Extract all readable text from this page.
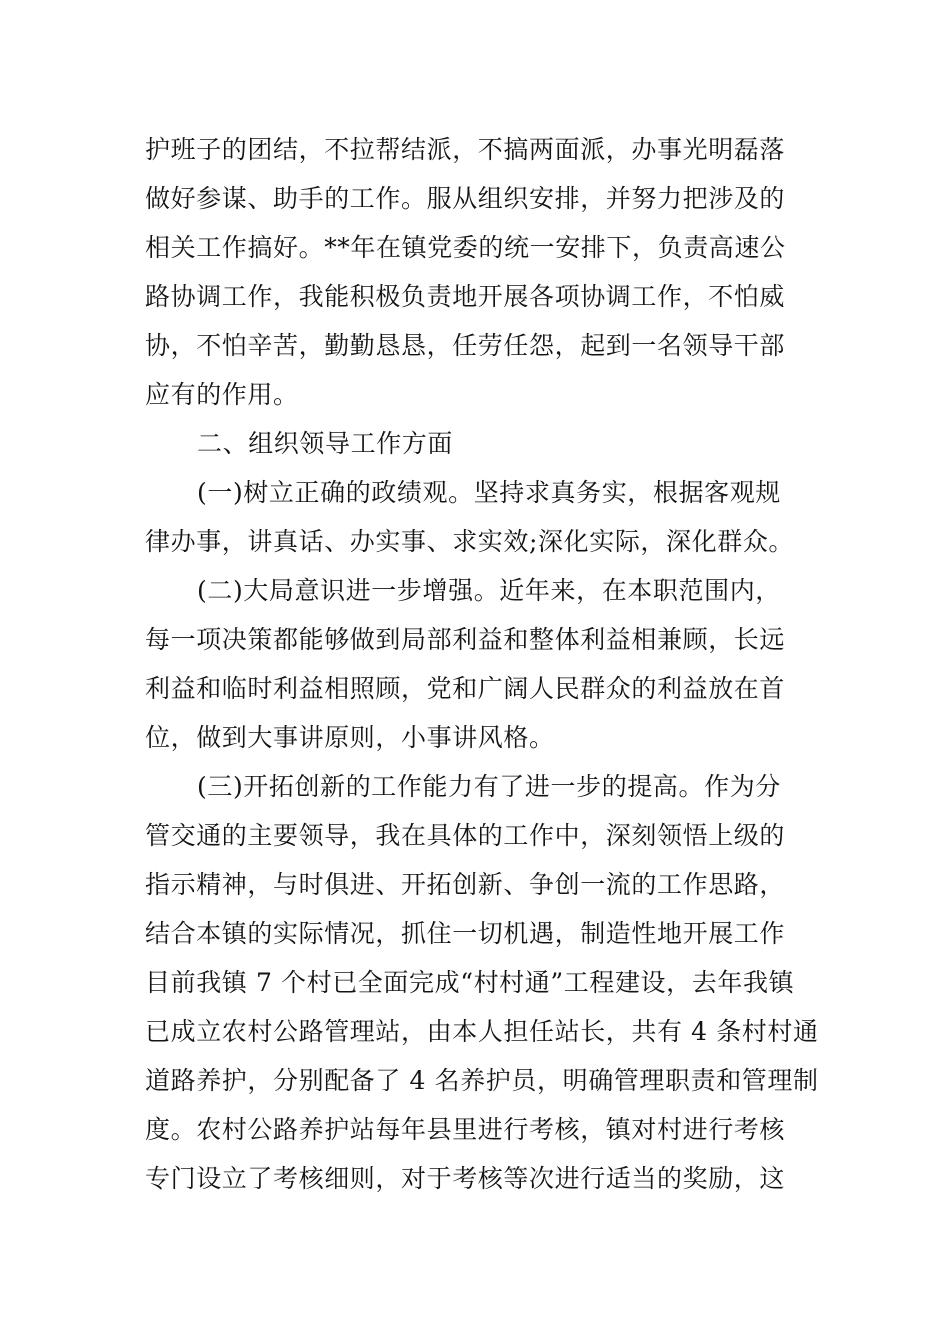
护班子的团结，不拉帮结派，不搞两面派，办事光明磊落
做好参谋、助手的工作。服从组织安排，并努力把涉及的
相关工作搞好。**年在镇党委的统一安排下，负责高速公
路协调工作，我能积极负责地开展各项协调工作，不怕威
协，不怕辛苦，勤勤恳恳，任劳任怨，起到一名领导干部
应有的作用。
二、组织领导工作方面
(一)树立正确的政绩观。坚持求真务实，根据客观规
律办事，讲真话、办实事、求实效;深化实际，深化群众。
(二)大局意识进一步增强。近年来，在本职范围内，
每一项决策都能够做到局部利益和整体利益相兼顾，长远
利益和临时利益相照顾，党和广阔人民群众的利益放在首
位，做到大事讲原则，小事讲风格。
(三)开拓创新的工作能力有了进一步的提高。作为分
管交通的主要领导，我在具体的工作中，深刻领悟上级的
指示精神，与时俱进、开拓创新、争创一流的工作思路，
结合本镇的实际情况，抓住一切机遇，制造性地开展工作
目前我镇 7 个村已全面完成“村村通”工程建设，去年我镇
已成立农村公路管理站，由本人担任站长，共有 4 条村村通
道路养护，分别配备了 4 名养护员，明确管理职责和管理制
度。农村公路养护站每年县里进行考核，镇对村进行考核
专门设立了考核细则，对于考核等次进行适当的奖励，这
